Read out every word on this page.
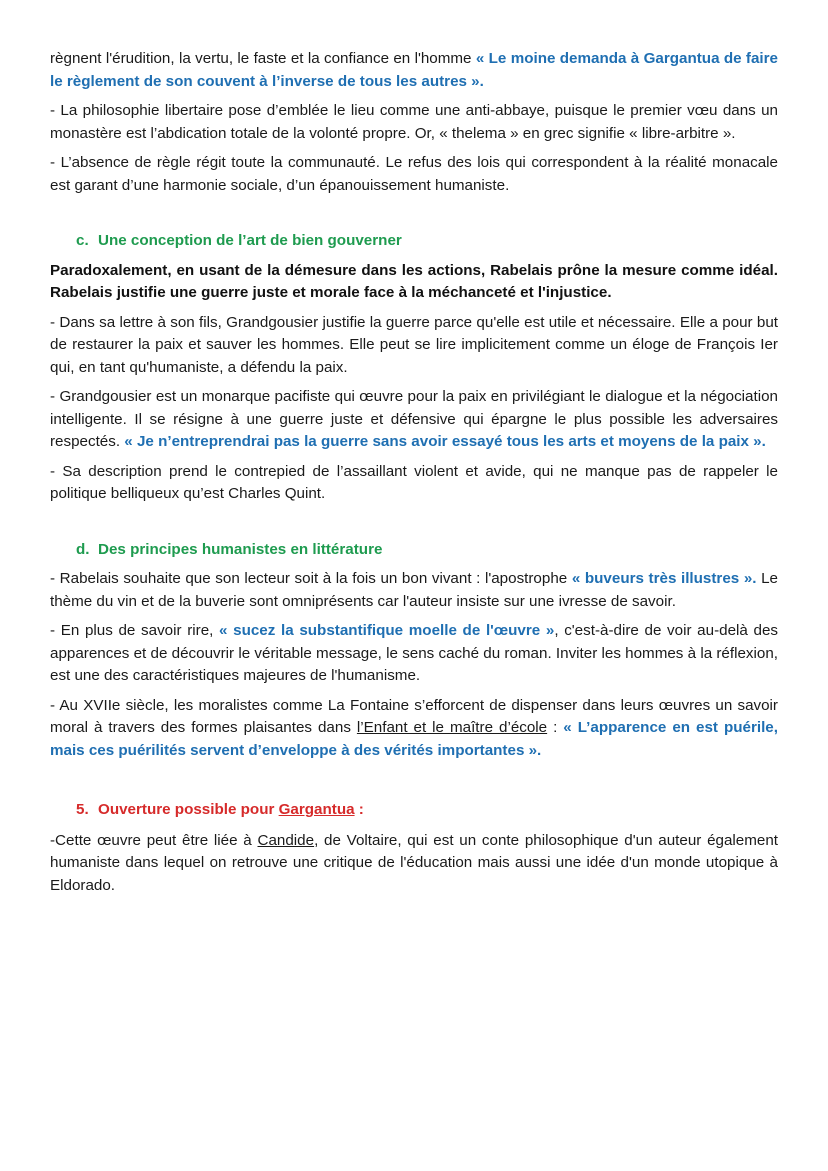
règnent l'érudition, la vertu, le faste et la confiance en l'homme « Le moine demanda à Gargantua de faire le règlement de son couvent à l’inverse de tous les autres ».

- La philosophie libertaire pose d’emblée le lieu comme une anti-abbaye, puisque le premier vœu dans un monastère est l’abdication totale de la volonté propre. Or, « thelema » en grec signifie « libre-arbitre ».

- L’absence de règle régit toute la communauté. Le refus des lois qui correspondent à la réalité monacale est garant d’une harmonie sociale, d’un épanouissement humaniste.

c. Une conception de l’art de bien gouverner

Paradoxalement, en usant de la démesure dans les actions, Rabelais prône la mesure comme idéal. Rabelais justifie une guerre juste et morale face à la méchanceté et l'injustice.

- Dans sa lettre à son fils, Grandgousier justifie la guerre parce qu'elle est utile et nécessaire. Elle a pour but de restaurer la paix et sauver les hommes. Elle peut se lire implicitement comme un éloge de François Ier qui, en tant qu'humaniste, a défendu la paix.

- Grandgousier est un monarque pacifiste qui œuvre pour la paix en privilégiant le dialogue et la négociation intelligente. Il se résigne à une guerre juste et défensive qui épargne le plus possible les adversaires respectés. « Je n’entreprendrai pas la guerre sans avoir essayé tous les arts et moyens de la paix ».

- Sa description prend le contrepied de l’assaillant violent et avide, qui ne manque pas de rappeler le politique belliqueux qu’est Charles Quint.

d. Des principes humanistes en littérature

- Rabelais souhaite que son lecteur soit à la fois un bon vivant : l'apostrophe « buveurs très illustres ». Le thème du vin et de la buverie sont omniprésents car l'auteur insiste sur une ivresse de savoir.

- En plus de savoir rire, « sucez la substantifique moelle de l'œuvre », c'est-à-dire de voir au-delà des apparences et de découvrir le véritable message, le sens caché du roman. Inviter les hommes à la réflexion, est une des caractéristiques majeures de l'humanisme.

- Au XVIIe siècle, les moralistes comme La Fontaine s’efforcent de dispenser dans leurs œuvres un savoir moral à travers des formes plaisantes dans l’Enfant et le maître d’école : « L’apparence en est puérile, mais ces puérilités servent d’enveloppe à des vérités importantes ».

5. Ouverture possible pour Gargantua :

-Cette œuvre peut être liée à Candide, de Voltaire, qui est un conte philosophique d'un auteur également humaniste dans lequel on retrouve une critique de l'éducation mais aussi une idée d'un monde utopique à Eldorado.
